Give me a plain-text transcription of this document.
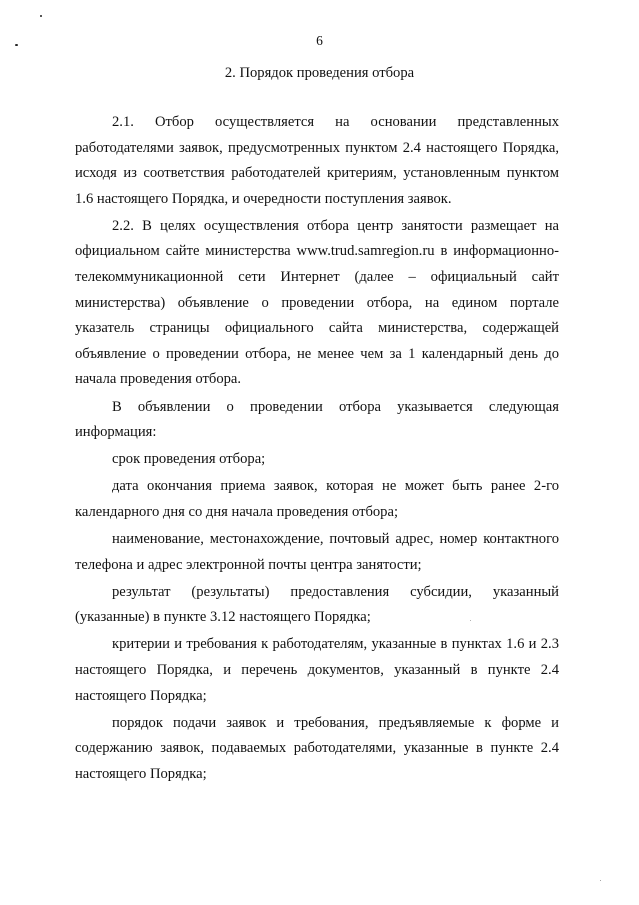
6
2. Порядок проведения отбора

2.1. Отбор осуществляется на основании представленных работодателями заявок, предусмотренных пунктом 2.4 настоящего Порядка, исходя из соответствия работодателей критериям, установленным пунктом 1.6 настоящего Порядка, и очередности поступления заявок.

2.2. В целях осуществления отбора центр занятости размещает на официальном сайте министерства www.trud.samregion.ru в информационно-телекоммуникационной сети Интернет (далее – официальный сайт министерства) объявление о проведении отбора, на едином портале указатель страницы официального сайта министерства, содержащей объявление о проведении отбора, не менее чем за 1 календарный день до начала проведения отбора.

В объявлении о проведении отбора указывается следующая информация:

срок проведения отбора;

дата окончания приема заявок, которая не может быть ранее 2-го календарного дня со дня начала проведения отбора;

наименование, местонахождение, почтовый адрес, номер контактного телефона и адрес электронной почты центра занятости;

результат (результаты) предоставления субсидии, указанный (указанные) в пункте 3.12 настоящего Порядка;

критерии и требования к работодателям, указанные в пунктах 1.6 и 2.3 настоящего Порядка, и перечень документов, указанный в пункте 2.4 настоящего Порядка;

порядок подачи заявок и требования, предъявляемые к форме и содержанию заявок, подаваемых работодателями, указанные в пункте 2.4 настоящего Порядка;
